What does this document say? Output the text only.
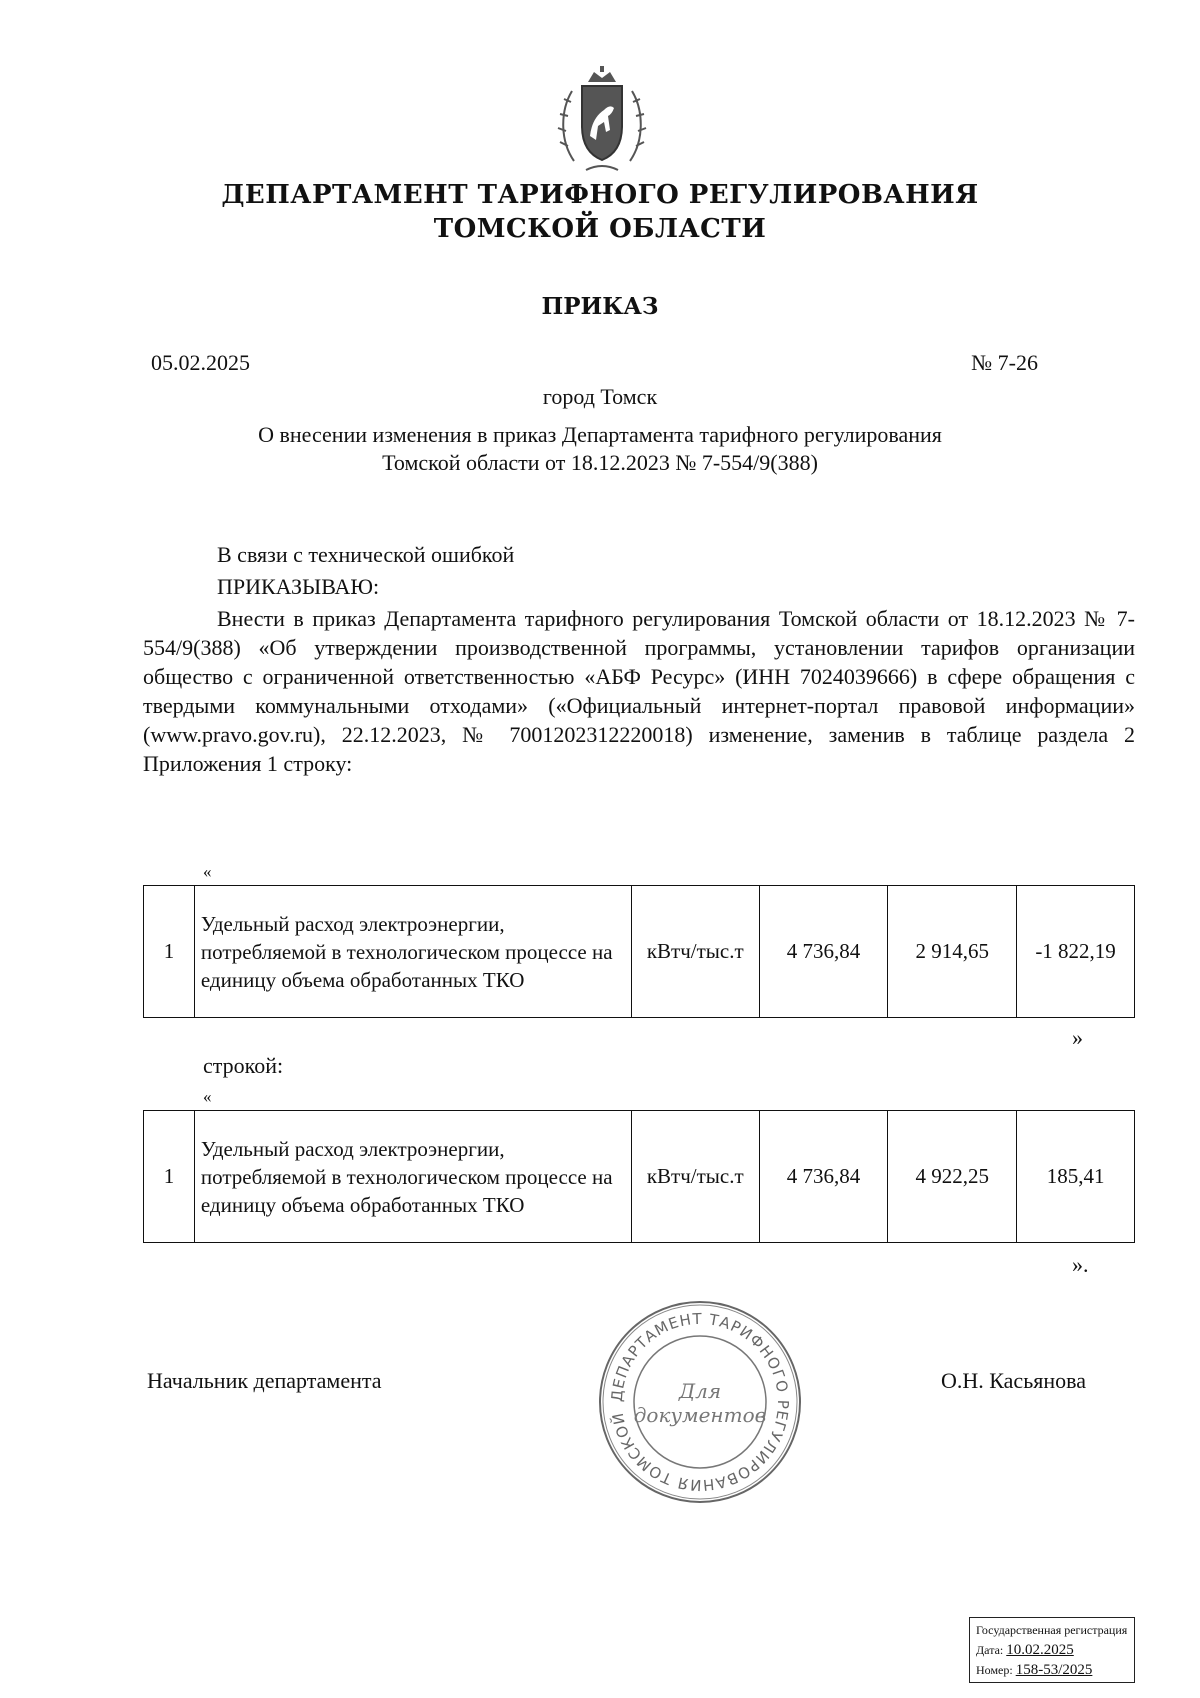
ДЕПАРТАМЕНТ ТАРИФНОГО РЕГУЛИРОВАНИЯ
ТОМСКОЙ ОБЛАСТИ
ПРИКАЗ
05.02.2025	№ 7-26
город Томск
О внесении изменения в приказ Департамента тарифного регулирования
Томской области от 18.12.2023 № 7-554/9(388)
В связи с технической ошибкой
ПРИКАЗЫВАЮ:
Внести в приказ Департамента тарифного регулирования Томской области от 18.12.2023 № 7-554/9(388) «Об утверждении производственной программы, установлении тарифов организации общество с ограниченной ответственностью «АБФ Ресурс» (ИНН 7024039666) в сфере обращения с твердыми коммунальными отходами» («Официальный интернет-портал правовой информации» (www.pravo.gov.ru), 22.12.2023, № 7001202312220018) изменение, заменив в таблице раздела 2 Приложения 1 строку:
«
1	Удельный расход электроэнергии, потребляемой в технологическом процессе на единицу объема обработанных ТКО	кВтч/тыс.т	4 736,84	2 914,65	-1 822,19
»
строкой:
«
1	Удельный расход электроэнергии, потребляемой в технологическом процессе на единицу объема обработанных ТКО	кВтч/тыс.т	4 736,84	4 922,25	185,41
».
ДЕПАРТАМЕНТ ТАРИФНОГО РЕГУЛИРОВАНИЯ ТОМСКОЙ
Для
документов
Начальник департамента	О.Н. Касьянова
Государственная регистрация
Дата: 10.02.2025
Номер: 158-53/2025
